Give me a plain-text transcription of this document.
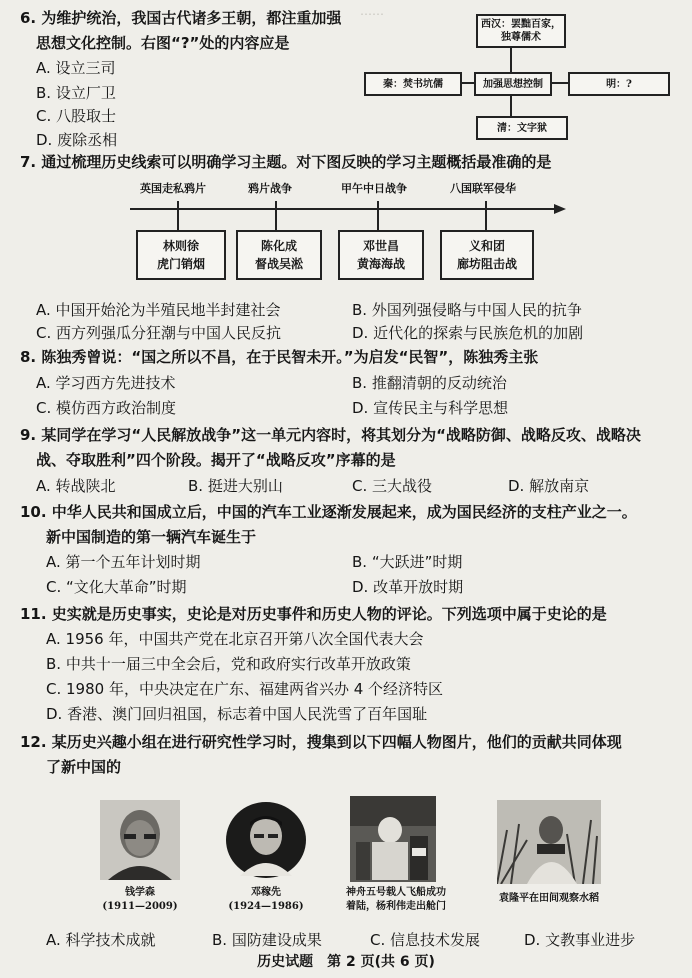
……
6. 为维护统治，我国古代诸多王朝，都注重加强
思想文化控制。右图“?”处的内容应是
A. 设立三司
B. 设立厂卫
C. 八股取士
D. 废除丞相
西汉：罢黜百家，独尊儒术
秦：焚书坑儒	加强思想控制	明：?
清：文字狱
7. 通过梳理历史线索可以明确学习主题。对下图反映的学习主题概括最准确的是
英国走私鸦片	鸦片战争	甲午中日战争	八国联军侵华
林则徐
虎门销烟
陈化成
督战吴淞
邓世昌
黄海海战
义和团
廊坊阻击战
A. 中国开始沦为半殖民地半封建社会	B. 外国列强侵略与中国人民的抗争
C. 西方列强瓜分狂潮与中国人民反抗	D. 近代化的探索与民族危机的加剧
8. 陈独秀曾说：“国之所以不昌，在于民智未开。”为启发“民智”，陈独秀主张
A. 学习西方先进技术	B. 推翻清朝的反动统治
C. 模仿西方政治制度	D. 宣传民主与科学思想
9. 某同学在学习“人民解放战争”这一单元内容时，将其划分为“战略防御、战略反攻、战略决
战、夺取胜利”四个阶段。揭开了“战略反攻”序幕的是
A. 转战陕北	B. 挺进大别山	C. 三大战役	D. 解放南京
10. 中华人民共和国成立后，中国的汽车工业逐渐发展起来，成为国民经济的支柱产业之一。
新中国制造的第一辆汽车诞生于
A. 第一个五年计划时期	B. “大跃进”时期
C. “文化大革命”时期	D. 改革开放时期
11. 史实就是历史事实，史论是对历史事件和历史人物的评论。下列选项中属于史论的是
A. 1956 年，中国共产党在北京召开第八次全国代表大会
B. 中共十一届三中全会后，党和政府实行改革开放政策
C. 1980 年，中央决定在广东、福建两省兴办 4 个经济特区
D. 香港、澳门回归祖国，标志着中国人民洗雪了百年国耻
12. 某历史兴趣小组在进行研究性学习时，搜集到以下四幅人物图片，他们的贡献共同体现
了新中国的
钱学森
(1911—2009)
邓稼先
(1924—1986)
神舟五号载人飞船成功
着陆，杨利伟走出舱门
袁隆平在田间观察水稻
A. 科学技术成就	B. 国防建设成果	C. 信息技术发展	D. 文教事业进步
历史试题　第 2 页(共 6 页)
